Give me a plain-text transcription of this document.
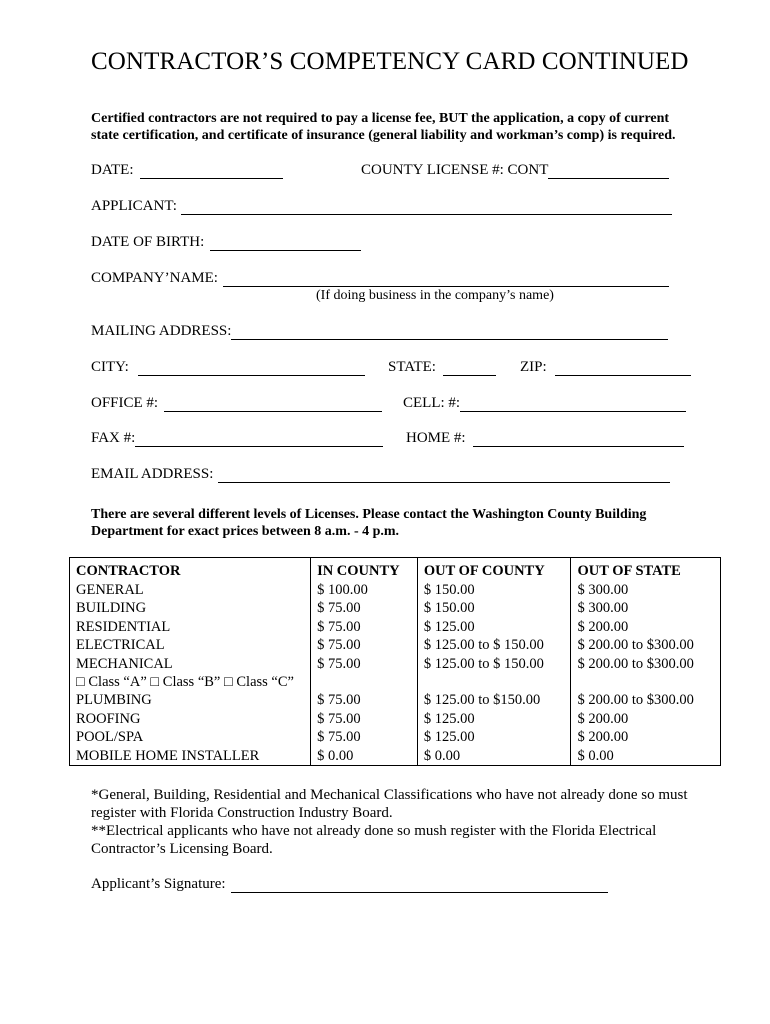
CONTRACTOR’S COMPETENCY CARD CONTINUED
Certified contractors are not required to pay a license fee, BUT the application, a copy of current
state certification, and certificate of insurance (general liability and workman’s comp) is required.
DATE:	COUNTY LICENSE #: CONT
APPLICANT:
DATE OF BIRTH:
COMPANY’NAME:
(If doing business in the company’s name)
MAILING ADDRESS:
CITY:	STATE:	ZIP:
OFFICE #:	CELL: #:
FAX #:	HOME #:
EMAIL ADDRESS:
There are several different levels of Licenses. Please contact the Washington County Building
Department for exact prices between 8 a.m. - 4 p.m.
CONTRACTOR	IN COUNTY	OUT OF COUNTY	OUT OF STATE
GENERAL	$ 100.00	$ 150.00	$ 300.00
BUILDING	$ 75.00	$ 150.00	$ 300.00
RESIDENTIAL	$ 75.00	$ 125.00	$ 200.00
ELECTRICAL	$ 75.00	$ 125.00 to $ 150.00	$ 200.00 to $300.00
MECHANICAL	$ 75.00	$ 125.00 to $ 150.00	$ 200.00 to $300.00
□ Class “A” □ Class “B” □ Class “C”			
PLUMBING	$ 75.00	$ 125.00 to $150.00	$ 200.00 to $300.00
ROOFING	$ 75.00	$ 125.00	$ 200.00
POOL/SPA	$ 75.00	$ 125.00	$ 200.00
MOBILE HOME INSTALLER	$ 0.00	$ 0.00	$ 0.00
*General, Building, Residential and Mechanical Classifications who have not already done so must
register with Florida Construction Industry Board.
**Electrical applicants who have not already done so mush register with the Florida Electrical
Contractor’s Licensing Board.
Applicant’s Signature:
